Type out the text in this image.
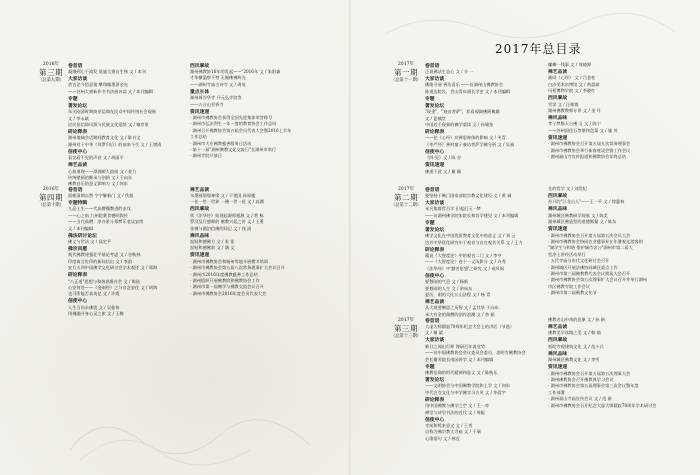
2017年总目录
2016年
第三期
（总第九期）
卷首语
凝聚到心不涣发 觉遍大建自生殇 文 / 本刊
大家访谈
赏古论今悟意建 攀翔翰墨著金光
——苏州大观新作书书法展访谈 文 / 本刊编辑
专题
著发论坛
东关刚清时期商业信仰在民众中间传统社会观展
文 / 李永斌
论民俗信仰风情与民族文化延续 文 / 谢彦景
研论释表
湖州地域会话期间教育文化 文 / 陈书文
湖州对于中华《邦罗归后》的前来今生 文 / 王增清
信使中心
看完看不见的声音 文 / 胡丽平
禅艺品读
心如道理——漂满颜人韵闻 文 / 金力
传统壁画的继承与创新 文 / 于向东
佛教音乐的意义影响力 文 / 何东
西风掌故
湖州佛教协16年的发起——"2016年 文 / 朱阳森
才华横溢察千赞 无媚佛佛辉光
——湖州寺庙古诗寺 文 / 周英
重点长体
湖州周谷华寺 开元弘寺院等
——五台山晋香寺
资讯速递
· 湖州市佛教协会获得全国先进集体荣誉称号
· 湖州市弘法利生一年一度的教育协会工作总结
· 湖州召开佛教协会第五届会员代表大会暨2016上半年
工作总结
· 湖州市大专佛教慈善服务日活动
· 第十一届"湖州佛教文化交流日"在湖州市举行
· 湖州寺院开放日
2016年
第四期
（总第十期）
卷首语
面朝清朗自然 字字解新门 文 / 佚超
专题特辑
九品上生——代高僧懂教进的步伐
——心之南 九州院赛食德明叙传
——当代高僧：净亦景斗邦梦乐老谈安续
文 / 本刊编辑
佛法研讨论坛
佛义与世法 文 / 高定平
佛宗问愿
观代佛教建强佐平基论考虑 文 / 谷秋林
印度寓言佐印的新同信出 文 / 李韵
安行五四中国佛学文化研讨会学术观述 文 / 郑海
研论释表
"八正道"思想与和谐思维社会 文 / 陈仙
心安何处——《金刚经》之与自念安住 文 / 胡鸿
也可所能否真英亿 文 / 许霞
信使中心
入生当问永佛恩 文 / 吴桂伟
用佛融开身心灵之旅 文 / 王梅
禅艺品读
水墨画情那神缘 文 / 于建国 孙原楼
一花一世一世界 一佛一世一花 文 / 高渊
西风掌故
欣《法华经》始现起源那根源 文 / 普 栋
罗汉及行感师的 佛教兴起之传 文 / 王勇
张佛与湖泊信佛的同记 文 / 钱 清
禅风品味
窑贴和德佛方 文 / 张 佳
窑贴和德佛前 文 / 涵 文
资讯速递
· 湖州市佛教协会和杨州等地开展僧才培训
· 湖州市佛教协会第五届八次常务理事扩大会议召开
· 湖州市2016年度佛教慈善工作总结
· 湖州组织开展佛教院和佛教协会工作
· 湖州市第一届佛学与佛教交流会议召开
· 湖州市佛教协会2016年度会员代表大会
2017年
第一期
（总第十一期）
卷首语
正说佛法生态心 文 / 介 一
大家访谈
佛陵寻遥 善治喜乐 ——访湖州山佛教协会
陈道达院长，会山青年通长学史 文 / 本刊编辑
专题
著发论坛
"现金"，"观音菩萨"，祥看观调佛阿典籍
文 / 夏楠堂
中国近千现象的佛学重读 文 / 孙啸金
研论释表
——论《心经》对禅思神体的影响 文 / 芙青
《华严经》善财童子参访菩萨学佛分析 文 / 吴福
信使中心
《四·见》文 / 陈 谷
资讯速递
佛道于此 文 / 谢 颖
螺蛳一钱事 文 / 效晓源
禅艺品读
画同《心经》 文 / 吕金柱
白沙美术东博馆 文 / 黄晨斌
风景博物学院 文 / 李晓红
西风掌故
雪窦 文 / 汪维群
湖州佛教教师专讲 文 / 金 丹
禅风品味
孝子梦都天台佛 义 文 / 陈宁
——苏州国佳石等堪和盘菜 文 / 施 茂
资讯速递
· 湖州市佛教协会召开第五届五次常务理事会
· 湖州市佛教协会举行新春座谈会暨工作会议
· 湖州福山寺宣传报道和佛教协会年终总结
2017年
第二期
（总第十二期）
卷首语
要坚持于佛门国家部院宗教文化建设 文 / 黄 诚
大家访谈
米凡集群哲百学 幻起幻灭一梦
——访湖州佛学院朱院长和其学建见 文 / 本刊编辑
专题
著发论坛
佛学文化在中国优质教育文化中的意义 文 / 刘 云
边芳中华优化研究中于观音与自在观音关系 文 / 王力
研论释表
藉说《大智度论》中的观音二门 文 / 李亨
——《大智度论》卷十一义浅影分 文 / 许秀
《法华经》中'勤苦思想'之研究 文 / 戒风周
信使中心
要偎刚的气息 文 / 杨新
要偎刚的人生 文 / 余向东
夏历，刚的大比丘山法程 文 / 杨 青
禅艺品读
从大观要佛思之历智 文 / 孟其华 于向东
米大有金的阁僧的创作浪潮 文 / 李 娟
尤的哲学 文 / 刘发纪
西风掌故
苏只的"江北山人"——王一平 文 / 徐惠林
禅风品味
湖州城区佛教研学现象 文 / 陈美
湖州城区佛造型的道德衡量 文 / 陈东
资讯速递
· 湖州市佛教协会召开第五届第五次会员大会
· 湖州市佛教协会协同农业慈事业在年暑观光游客的
"湖学生与和谐 搭护城市舍公"湖州市第二届大
型净土讲经活动举行
· 五代寺庙分布代文化研讨会召开
· 湖州城区开展法佛协同城区重点工作
· 湖州市第三届佛教教代表会议换届大会召开
· 湖州市佛教协会第五次理事扩大会议召开并举行湖州
市区佛教寺院工作会议
· 湖州市第二届佛教文化节
2017年
第三期
（总第十三期）
卷首语
大虚大师圆寂70周年纪念大会上的讲话（节选）
文 / 谢 崴
大家访谈
新日之闻出灯师 课研百年说党势
——访中国佛教协会会议委员会委员，思明寺佛教协会
会长谢芳院长南园讲学 文 / 本刊编辑
专题
佛教信仰的时代精神和意义 文 / 陈秋乐
著发论坛
——文明协会与中国佛教学院和上学 文 / 何东
中代古寺文化与中学佛学习古风 文 / 华爱宇
研论释表
用中国佛教与佛学之空 文 / 王一奇
禅宗与诗学书法的近代 文 / 周振
信使中心
寺前和鸣来意文 文 / 王秀
自称为佛宗教大寺庙 文 / 于瑞
心歌语句 文 / 林宜
佛教名山中南的意象 文 / 孙 新
禅艺品读
佛教美学丝路之美 文 / 韩 婧
西风掌故
祗陀寺观建筑文化 文 / 范小兵
禅风品味
湖州城区佛教文化 文 / 李雪
资讯速递
· 湖州市佛教协会召开第五届第五次理事大会
· 湖州佛教协会召开佛教界学习会议
· 湖州市佛教协会第五届理事会第三次会议暨年度
工作部署
· 湖州福山寺庙宣传会议 文 / 范 新
· 湖州市佛教协会召开纪念大虚大师圆寂70周年学术研讨会
